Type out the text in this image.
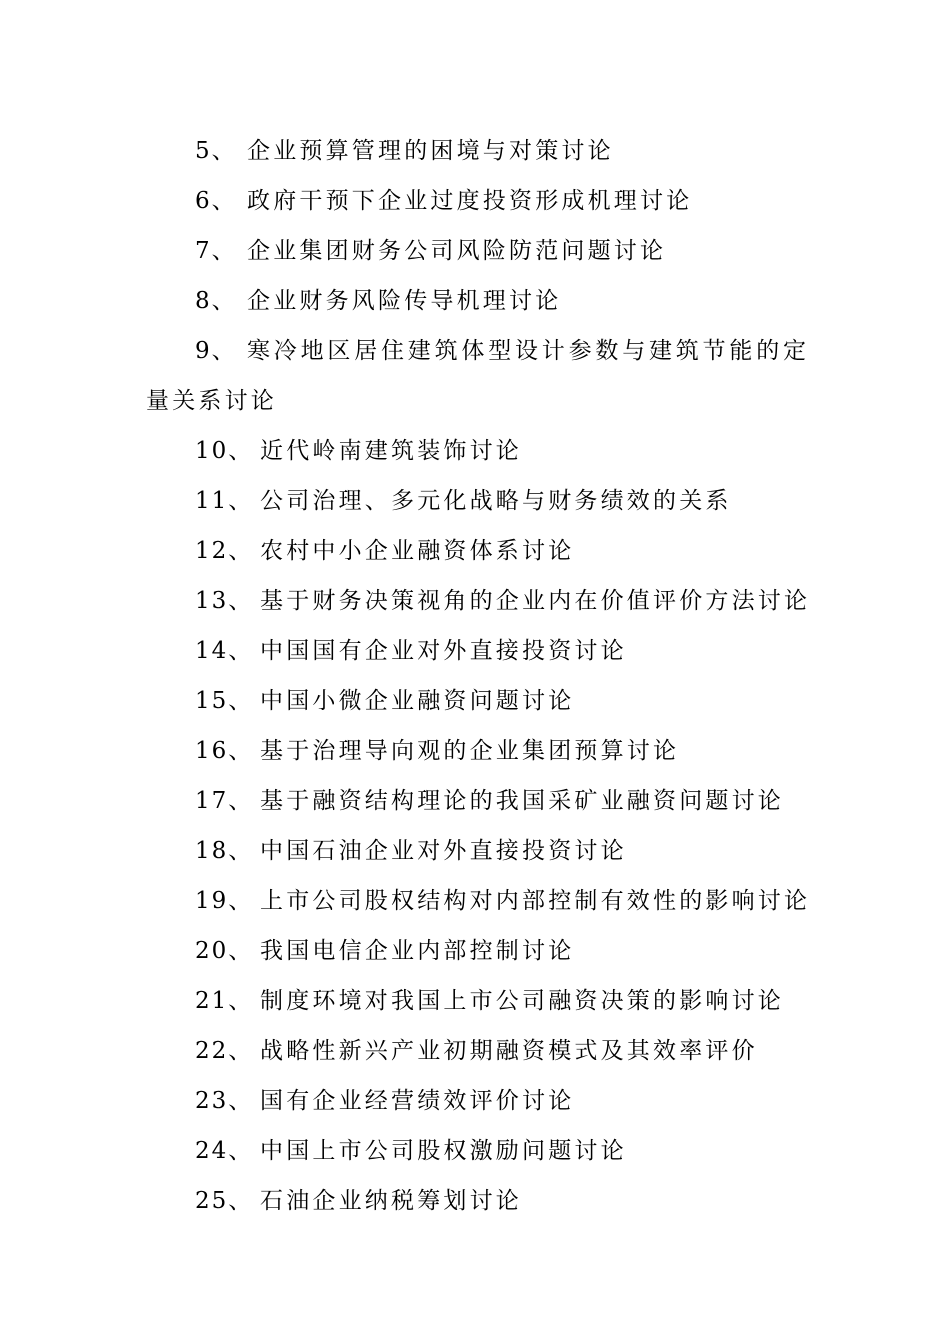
5、 企业预算管理的困境与对策讨论
6、 政府干预下企业过度投资形成机理讨论
7、 企业集团财务公司风险防范问题讨论
8、 企业财务风险传导机理讨论
9、 寒冷地区居住建筑体型设计参数与建筑节能的定
量关系讨论
10、 近代岭南建筑装饰讨论
11、 公司治理、多元化战略与财务绩效的关系
12、 农村中小企业融资体系讨论
13、 基于财务决策视角的企业内在价值评价方法讨论
14、 中国国有企业对外直接投资讨论
15、 中国小微企业融资问题讨论
16、 基于治理导向观的企业集团预算讨论
17、 基于融资结构理论的我国采矿业融资问题讨论
18、 中国石油企业对外直接投资讨论
19、 上市公司股权结构对内部控制有效性的影响讨论
20、 我国电信企业内部控制讨论
21、 制度环境对我国上市公司融资决策的影响讨论
22、 战略性新兴产业初期融资模式及其效率评价
23、 国有企业经营绩效评价讨论
24、 中国上市公司股权激励问题讨论
25、 石油企业纳税筹划讨论
